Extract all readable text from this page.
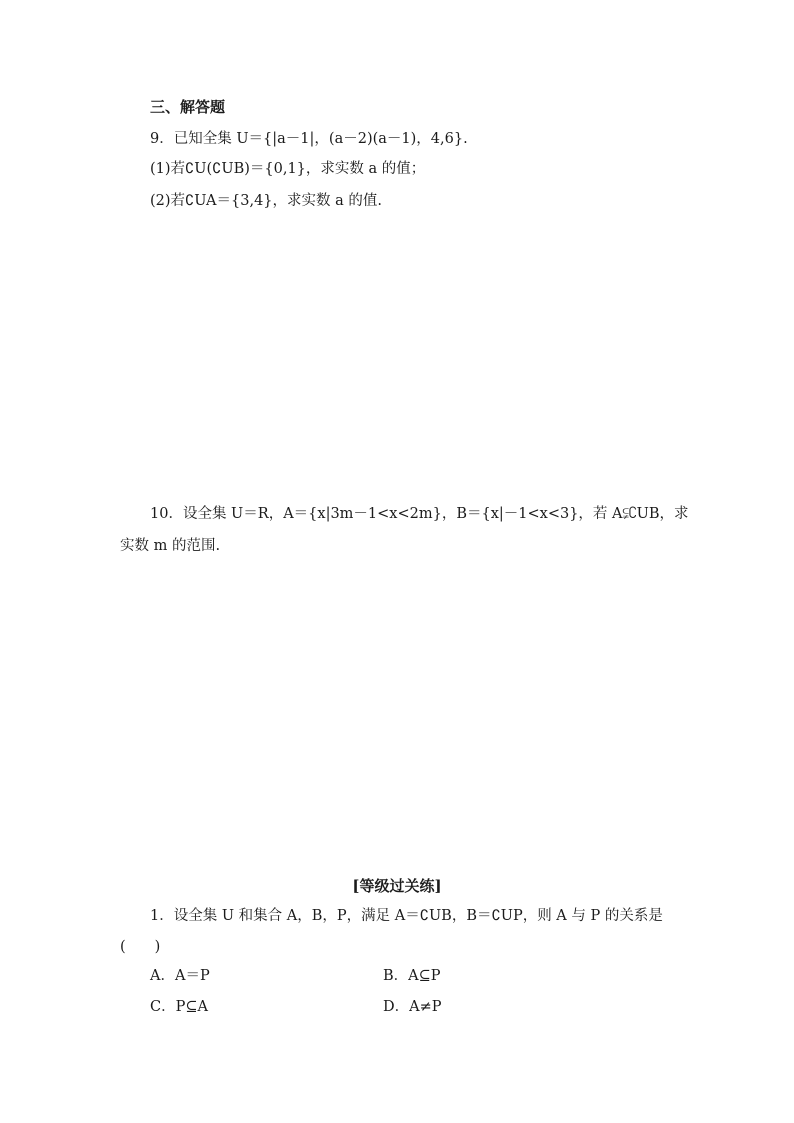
三、解答题
9．已知全集 U＝{|a－1|，(a－2)(a－1)，4,6}.
(1)若∁U(∁UB)＝{0,1}，求实数 a 的值；
(2)若∁UA＝{3,4}，求实数 a 的值.
10．设全集 U＝R，A＝{x|3m－1<x<2m}，B＝{x|－1<x<3}，若 A⫋∁UB，求
实数 m 的范围.
[等级过关练]
1．设全集 U 和集合 A，B，P，满足 A＝∁UB，B＝∁UP，则 A 与 P 的关系是
(　　)
A．A＝P	B．A⊆P
C．P⊆A	D．A≠P
